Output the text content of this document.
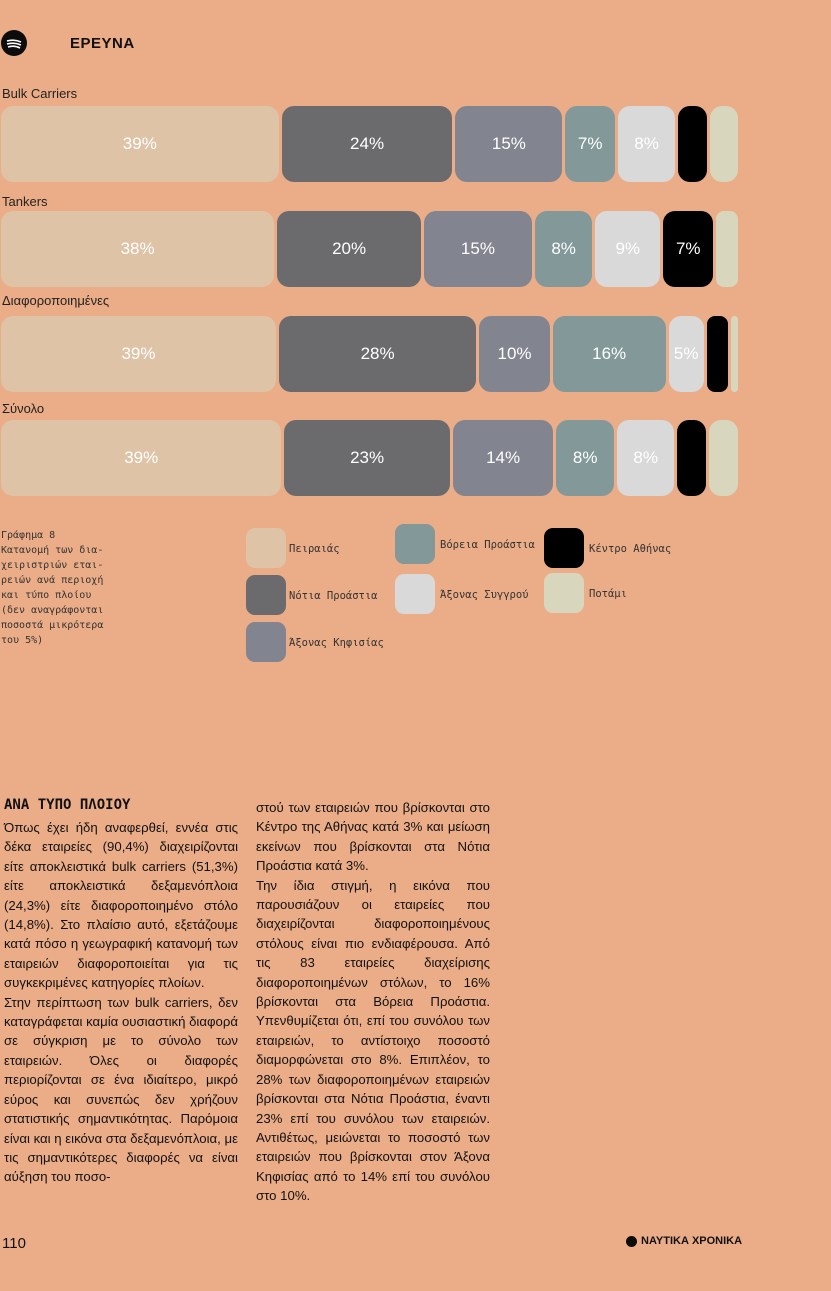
ΕΡΕΥΝΑ
Bulk Carriers
39%	24%	15%	7% 8%
Tankers
38%	20%	15%	8% 9% 7%
Διαφοροποιημένες
39%	28%	10%	16%	5%
Σύνολο
39%	23%	14%	8% 8%
Γράφημα 8
Κατανομή των δια-
χειριστριών εται-
ρειών ανά περιοχή
και τύπο πλοίου
(δεν αναγράφονται
ποσοστά μικρότερα
του 5%)
Πειραιάς
Νότια Προάστια
Άξονας Κηφισίας
Βόρεια Προάστια
Άξονας Συγγρού
Κέντρο Αθήνας
Ποτάμι
ΑΝΑ ΤΥΠΟ ΠΛΟΙΟΥ

Όπως έχει ήδη αναφερθεί, εννέα στις δέκα εταιρείες (90,4%) διαχειρίζονται είτε αποκλειστικά bulk carriers (51,3%) είτε αποκλειστικά δεξαμενόπλοια (24,3%) είτε διαφοροποιημένο στόλο (14,8%). Στο πλαίσιο αυτό, εξετάζουμε κατά πόσο η γεωγραφική κατανομή των εταιρειών διαφοροποιείται για τις συγκεκριμένες κατηγορίες πλοίων.

Στην περίπτωση των bulk carriers, δεν καταγράφεται καμία ουσιαστική διαφορά σε σύγκριση με το σύνολο των εταιρειών. Όλες οι διαφορές περιορίζονται σε ένα ιδιαίτερο, μικρό εύρος και συνεπώς δεν χρήζουν στατιστικής σημαντικότητας. Παρόμοια είναι και η εικόνα στα δεξαμενόπλοια, με τις σημαντικότερες διαφορές να είναι αύξηση του ποσο-

στού των εταιρειών που βρίσκονται στο Κέντρο της Αθήνας κατά 3% και μείωση εκείνων που βρίσκονται στα Νότια Προάστια κατά 3%.

Την ίδια στιγμή, η εικόνα που παρουσιάζουν οι εταιρείες που διαχειρίζονται διαφοροποιημένους στόλους είναι πιο ενδιαφέρουσα. Από τις 83 εταιρείες διαχείρισης διαφοροποιημένων στόλων, το 16% βρίσκονται στα Βόρεια Προάστια. Υπενθυμίζεται ότι, επί του συνόλου των εταιρειών, το αντίστοιχο ποσοστό διαμορφώνεται στο 8%. Επιπλέον, το 28% των διαφοροποιημένων εταιρειών βρίσκονται στα Νότια Προάστια, έναντι 23% επί του συνόλου των εταιρειών. Αντιθέτως, μειώνεται το ποσοστό των εταιρειών που βρίσκονται στον Άξονα Κηφισίας από το 14% επί του συνόλου στο 10%.

110	ΝΑΥΤΙΚΑ ΧΡΟΝΙΚΑ
